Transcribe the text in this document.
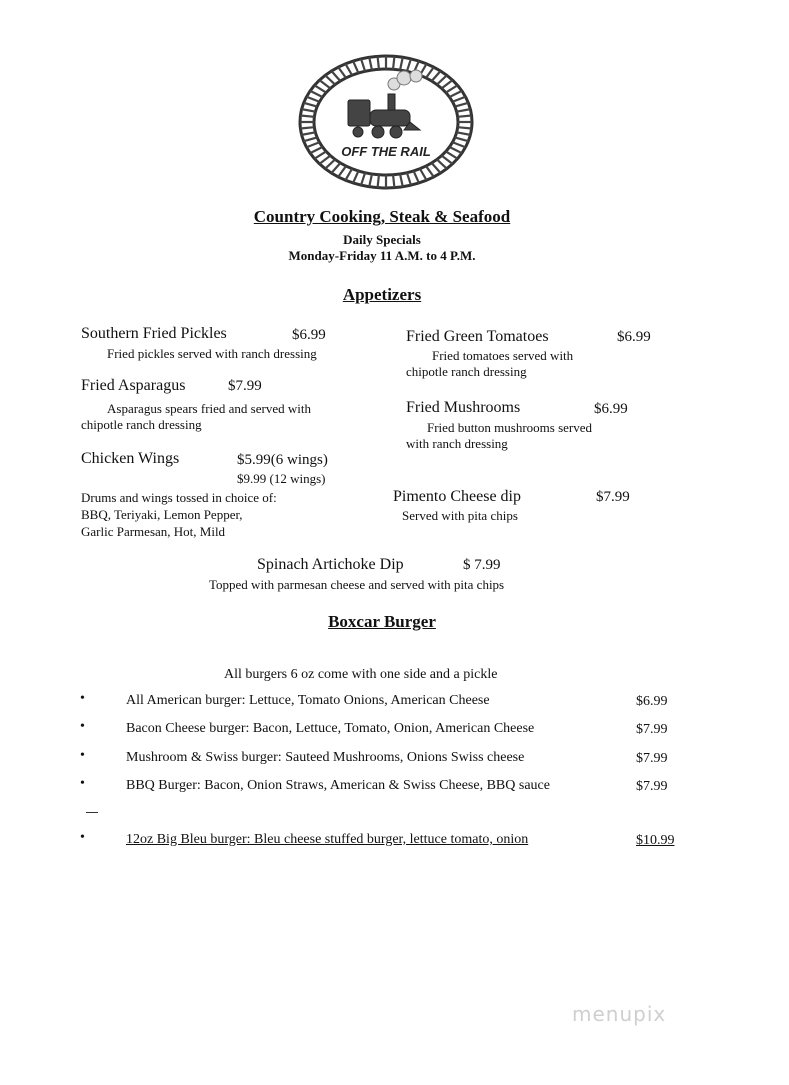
OFF THE RAIL
Country Cooking, Steak & Seafood
Daily Specials
Monday-Friday 11 A.M. to 4 P.M.
Appetizers
Southern Fried Pickles	$6.99
Fried pickles served with ranch dressing
Fried Asparagus	$7.99
Asparagus spears fried and served with
chipotle ranch dressing
Chicken Wings	$5.99(6 wings)
$9.99 (12 wings)
Drums and wings tossed in choice of:
BBQ, Teriyaki, Lemon Pepper,
Garlic Parmesan, Hot, Mild
Fried Green Tomatoes	$6.99
Fried tomatoes served with
chipotle ranch dressing
Fried Mushrooms	$6.99
Fried button mushrooms served
with ranch dressing
Pimento Cheese dip	$7.99
Served with pita chips
Spinach Artichoke Dip	$ 7.99
Topped with parmesan cheese and served with pita chips
Boxcar Burger
All burgers 6 oz come with one side and a pickle
•	All American burger: Lettuce, Tomato Onions, American Cheese	$6.99
•	Bacon Cheese burger: Bacon, Lettuce, Tomato, Onion, American Cheese	$7.99
•	Mushroom & Swiss burger: Sauteed Mushrooms, Onions Swiss cheese	$7.99
•	BBQ Burger: Bacon, Onion Straws, American & Swiss Cheese, BBQ sauce	$7.99
•	12oz Big Bleu burger: Bleu cheese stuffed burger, lettuce tomato, onion	$10.99
menupix
